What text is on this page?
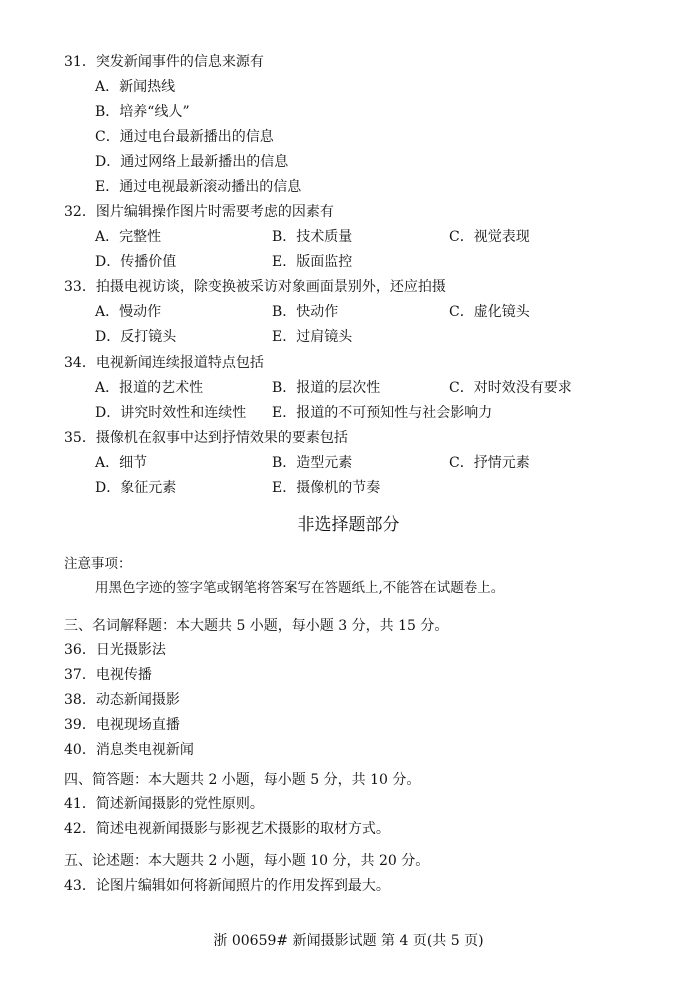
31．突发新闻事件的信息来源有
A．新闻热线
B．培养“线人”
C．通过电台最新播出的信息
D．通过网络上最新播出的信息
E．通过电视最新滚动播出的信息
32．图片编辑操作图片时需要考虑的因素有
A．完整性	B．技术质量	C．视觉表现
D．传播价值	E．版面监控
33．拍摄电视访谈，除变换被采访对象画面景别外，还应拍摄
A．慢动作	B．快动作	C．虚化镜头
D．反打镜头	E．过肩镜头
34．电视新闻连续报道特点包括
A．报道的艺术性	B．报道的层次性	C．对时效没有要求
D．讲究时效性和连续性 E．报道的不可预知性与社会影响力
35．摄像机在叙事中达到抒情效果的要素包括
A．细节	B．造型元素	C．抒情元素
D．象征元素	E．摄像机的节奏
非选择题部分
注意事项：
用黑色字迹的签字笔或钢笔将答案写在答题纸上,不能答在试题卷上。
三、名词解释题：本大题共 5 小题，每小题 3 分，共 15 分。
36．日光摄影法
37．电视传播
38．动态新闻摄影
39．电视现场直播
40．消息类电视新闻
四、简答题：本大题共 2 小题，每小题 5 分，共 10 分。
41．简述新闻摄影的党性原则。
42．简述电视新闻摄影与影视艺术摄影的取材方式。
五、论述题：本大题共 2 小题，每小题 10 分，共 20 分。
43．论图片编辑如何将新闻照片的作用发挥到最大。
浙 00659# 新闻摄影试题 第 4 页(共 5 页)
